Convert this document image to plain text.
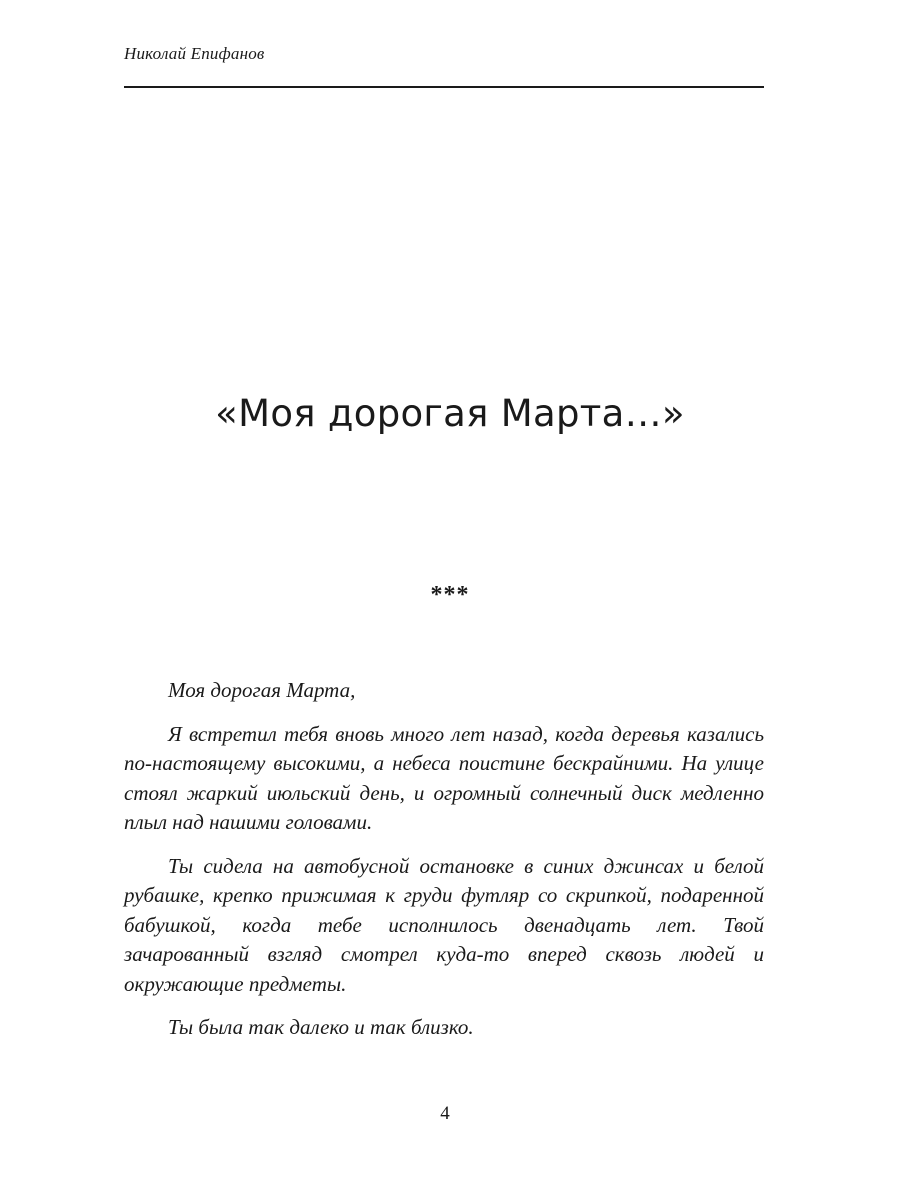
Николай Епифанов
«Моя дорогая Марта…»
***

Моя дорогая Марта,

Я встретил тебя вновь много лет назад, когда деревья казались по-настоящему высокими, а небеса поистине бескрайними. На улице стоял жаркий июльский день, и огромный солнечный диск медленно плыл над нашими головами.

Ты сидела на автобусной остановке в синих джинсах и белой рубашке, крепко прижимая к груди футляр со скрипкой, подаренной бабушкой, когда тебе исполнилось двенадцать лет. Твой зачарованный взгляд смотрел куда-то вперед сквозь людей и окружающие предметы.

Ты была так далеко и так близко.

4
